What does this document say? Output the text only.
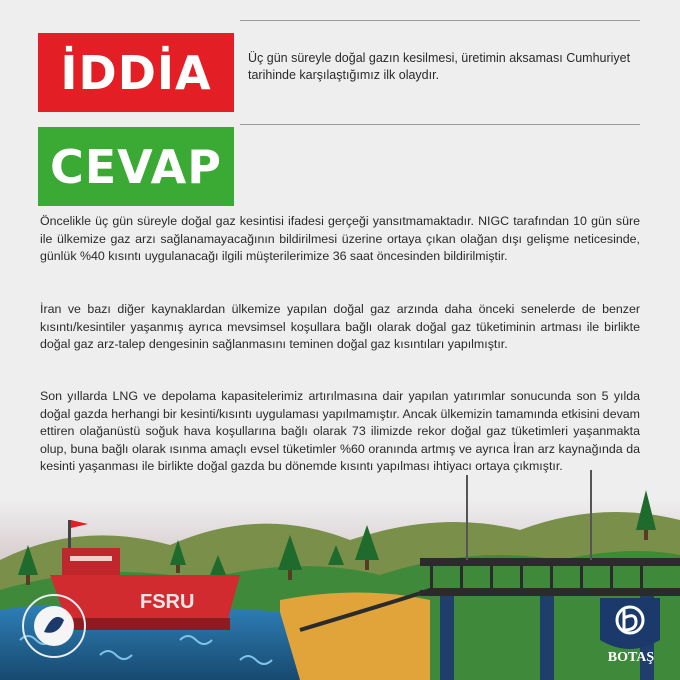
İDDİA	Üç gün süreyle doğal gazın kesilmesi, üretimin aksaması Cumhuriyet tarihinde karşılaştığımız ilk olaydır.
CEVAP

Öncelikle üç gün süreyle doğal gaz kesintisi ifadesi gerçeği yansıtmamaktadır. NIGC tarafından 10 gün süre ile ülkemize gaz arzı sağlanamayacağının bildirilmesi üzerine ortaya çıkan olağan dışı gelişme neticesinde, günlük %40 kısıntı uygulanacağı ilgili müşterilerimize 36 saat öncesinden bildirilmiştir.

İran ve bazı diğer kaynaklardan ülkemize yapılan doğal gaz arzında daha önceki senelerde de benzer kısıntı/kesintiler yaşanmış ayrıca mevsimsel koşullara bağlı olarak doğal gaz tüketiminin artması ile birlikte doğal gaz arz-talep dengesinin sağlanmasını teminen doğal gaz kısıntıları yapılmıştır.

Son yıllarda LNG ve depolama kapasitelerimiz artırılmasına dair yapılan yatırımlar sonucunda son 5 yılda doğal gazda herhangi bir kesinti/kısıntı uygulaması yapılmamıştır. Ancak ülkemizin tamamında etkisini devam ettiren olağanüstü soğuk hava koşullarına bağlı olarak 73 ilimizde rekor doğal gaz tüketimleri yaşanmakta olup, buna bağlı olarak ısınma amaçlı evsel tüketimler %60 oranında artmış ve ayrıca İran arz kaynağında da kesinti yaşanması ile birlikte doğal gazda bu dönemde kısıntı yapılması ihtiyacı ortaya çıkmıştır.

FSRU
BOTAŞ
